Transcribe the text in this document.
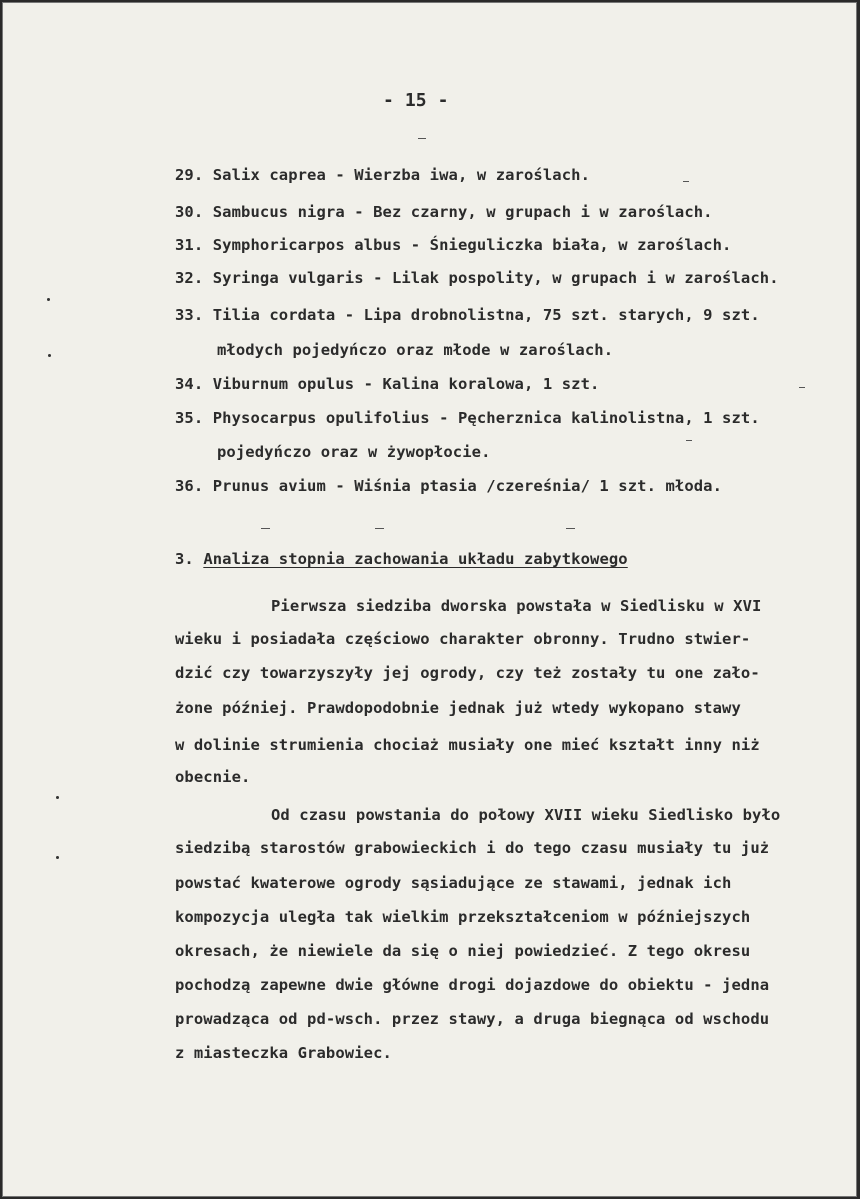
- 15 -
29. Salix caprea - Wierzba iwa, w zaroślach.
30. Sambucus nigra - Bez czarny, w grupach i w zaroślach.
31. Symphoricarpos albus - Śnieguliczka biała, w zaroślach.
32. Syringa vulgaris - Lilak pospolity, w grupach i w zaroślach.
33. Tilia cordata - Lipa drobnolistna, 75 szt. starych, 9 szt.
młodych pojedyńczo oraz młode w zaroślach.
34. Viburnum opulus - Kalina koralowa, 1 szt.
35. Physocarpus opulifolius - Pęcherznica kalinolistna, 1 szt.
pojedyńczo oraz w żywopłocie.
36. Prunus avium - Wiśnia ptasia /czereśnia/ 1 szt. młoda.
3. Analiza stopnia zachowania układu zabytkowego
Pierwsza siedziba dworska powstała w Siedlisku w XVI
wieku i posiadała częściowo charakter obronny. Trudno stwier-
dzić czy towarzyszyły jej ogrody, czy też zostały tu one zało-
żone później. Prawdopodobnie jednak już wtedy wykopano stawy
w dolinie strumienia chociaż musiały one mieć kształt inny niż
obecnie.
Od czasu powstania do połowy XVII wieku Siedlisko było
siedzibą starostów grabowieckich i do tego czasu musiały tu już
powstać kwaterowe ogrody sąsiadujące ze stawami, jednak ich
kompozycja uległa tak wielkim przekształceniom w późniejszych
okresach, że niewiele da się o niej powiedzieć. Z tego okresu
pochodzą zapewne dwie główne drogi dojazdowe do obiektu - jedna
prowadząca od pd-wsch. przez stawy, a druga biegnąca od wschodu
z miasteczka Grabowiec.
